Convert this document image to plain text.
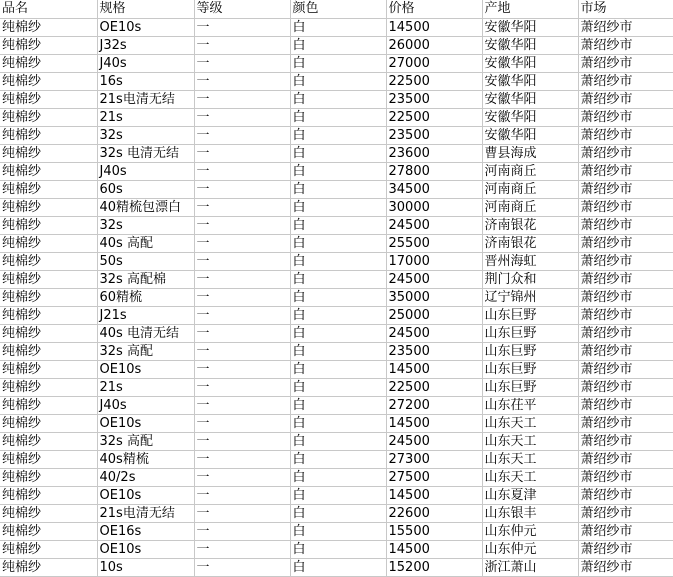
品名	规格	等级	颜色	价格	产地	市场
纯棉纱	OE10s	一	白	14500	安徽华阳	萧绍纱市
纯棉纱	J32s	一	白	26000	安徽华阳	萧绍纱市
纯棉纱	J40s	一	白	27000	安徽华阳	萧绍纱市
纯棉纱	16s	一	白	22500	安徽华阳	萧绍纱市
纯棉纱	21s电清无结	一	白	23500	安徽华阳	萧绍纱市
纯棉纱	21s	一	白	22500	安徽华阳	萧绍纱市
纯棉纱	32s	一	白	23500	安徽华阳	萧绍纱市
纯棉纱	32s 电清无结	一	白	23600	曹县海成	萧绍纱市
纯棉纱	J40s	一	白	27800	河南商丘	萧绍纱市
纯棉纱	60s	一	白	34500	河南商丘	萧绍纱市
纯棉纱	40精梳包漂白	一	白	30000	河南商丘	萧绍纱市
纯棉纱	32s	一	白	24500	济南银花	萧绍纱市
纯棉纱	40s 高配	一	白	25500	济南银花	萧绍纱市
纯棉纱	50s	一	白	17000	晋州海虹	萧绍纱市
纯棉纱	32s 高配棉	一	白	24500	荆门众和	萧绍纱市
纯棉纱	60精梳	一	白	35000	辽宁锦州	萧绍纱市
纯棉纱	J21s	一	白	25000	山东巨野	萧绍纱市
纯棉纱	40s 电清无结	一	白	24500	山东巨野	萧绍纱市
纯棉纱	32s 高配	一	白	23500	山东巨野	萧绍纱市
纯棉纱	OE10s	一	白	14500	山东巨野	萧绍纱市
纯棉纱	21s	一	白	22500	山东巨野	萧绍纱市
纯棉纱	J40s	一	白	27200	山东茌平	萧绍纱市
纯棉纱	OE10s	一	白	14500	山东天工	萧绍纱市
纯棉纱	32s 高配	一	白	24500	山东天工	萧绍纱市
纯棉纱	40s精梳	一	白	27300	山东天工	萧绍纱市
纯棉纱	40/2s	一	白	27500	山东天工	萧绍纱市
纯棉纱	OE10s	一	白	14500	山东夏津	萧绍纱市
纯棉纱	21s电清无结	一	白	22600	山东银丰	萧绍纱市
纯棉纱	OE16s	一	白	15500	山东仲元	萧绍纱市
纯棉纱	OE10s	一	白	14500	山东仲元	萧绍纱市
纯棉纱	10s	一	白	15200	浙江萧山	萧绍纱市
